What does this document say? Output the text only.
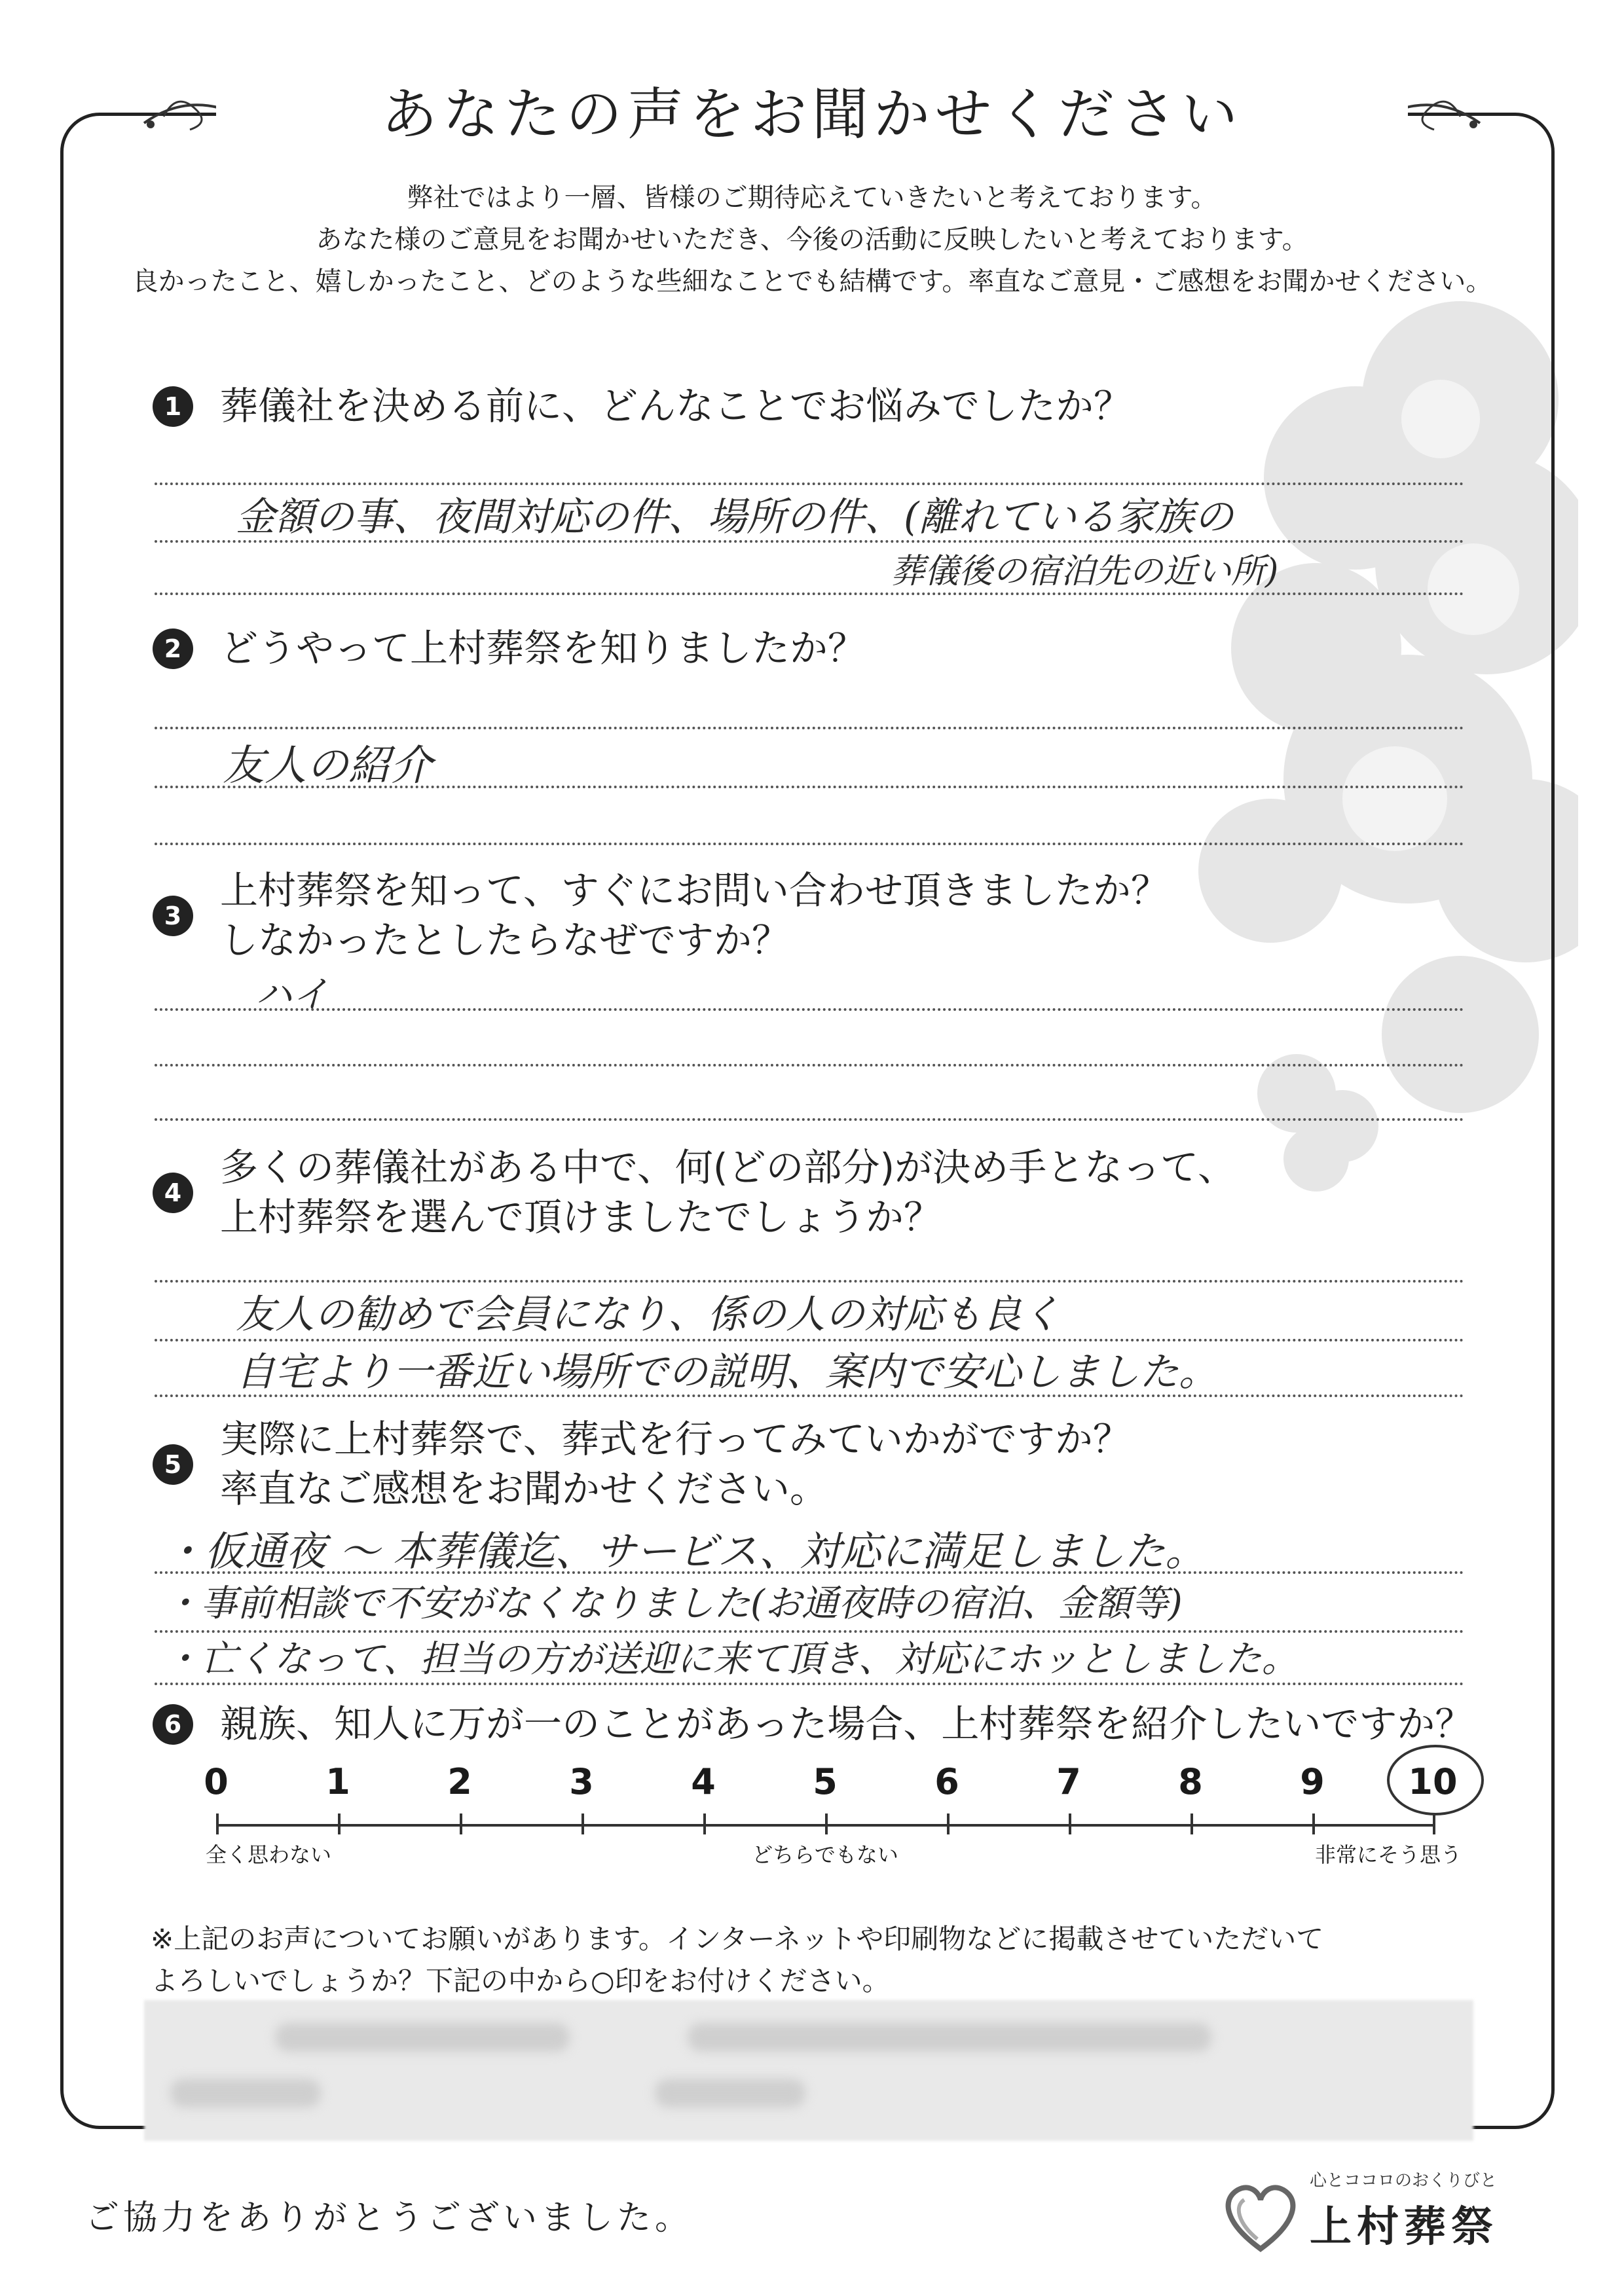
あなたの声をお聞かせください
弊社ではより一層、皆様のご期待応えていきたいと考えております。
あなた様のご意見をお聞かせいただき、今後の活動に反映したいと考えております。
良かったこと、嬉しかったこと、どのような些細なことでも結構です。率直なご意見・ご感想をお聞かせください。
1	葬儀社を決める前に、どんなことでお悩みでしたか？
金額の事、夜間対応の件、場所の件、(離れている家族の
葬儀後の宿泊先の近い所)
2	どうやって上村葬祭を知りましたか？
友人の紹介
3
上村葬祭を知って、すぐにお問い合わせ頂きましたか？
しなかったとしたらなぜですか？
ハイ
4
多くの葬儀社がある中で、何(どの部分)が決め手となって、
上村葬祭を選んで頂けましたでしょうか？
友人の勧めで会員になり、係の人の対応も良く
自宅より一番近い場所での説明、案内で安心しました。
5
実際に上村葬祭で、葬式を行ってみていかがですか？
率直なご感想をお聞かせください。
・仮通夜 〜 本葬儀迄、サービス、対応に満足しました。
・事前相談で不安がなくなりました(お通夜時の宿泊、金額等)
・亡くなって、担当の方が送迎に来て頂き、対応にホッとしました。
6	親族、知人に万が一のことがあった場合、上村葬祭を紹介したいですか？
0	1	2	3	4	5	6	7	8	9 10
全く思わない	どちらでもない	非常にそう思う
※上記のお声についてお願いがあります。インターネットや印刷物などに掲載させていただいて
よろしいでしょうか？下記の中から○印をお付けください。
ご協力をありがとうございました。
心とココロのおくりびと
上村葬祭
